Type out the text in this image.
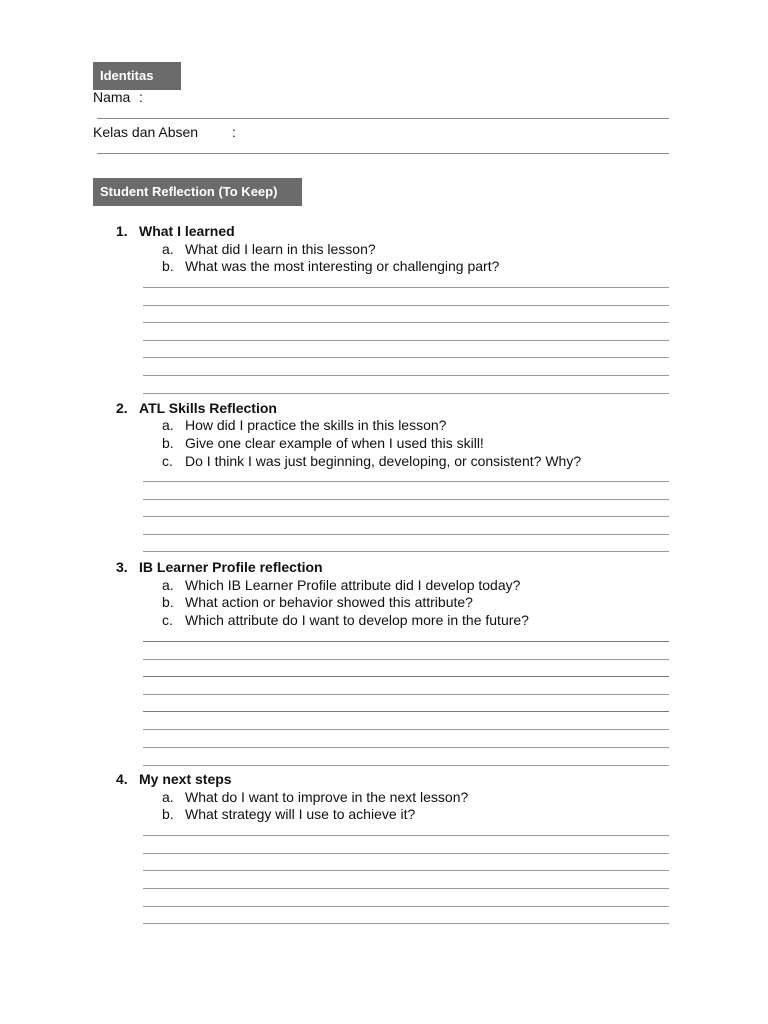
Identitas
Nama :
Kelas dan Absen :
Student Reflection (To Keep)
1. What I learned
a. What did I learn in this lesson?
b. What was the most interesting or challenging part?
2. ATL Skills Reflection
a. How did I practice the skills in this lesson?
b. Give one clear example of when I used this skill!
c. Do I think I was just beginning, developing, or consistent? Why?
3. IB Learner Profile reflection
a. Which IB Learner Profile attribute did I develop today?
b. What action or behavior showed this attribute?
c. Which attribute do I want to develop more in the future?
4. My next steps
a. What do I want to improve in the next lesson?
b. What strategy will I use to achieve it?
